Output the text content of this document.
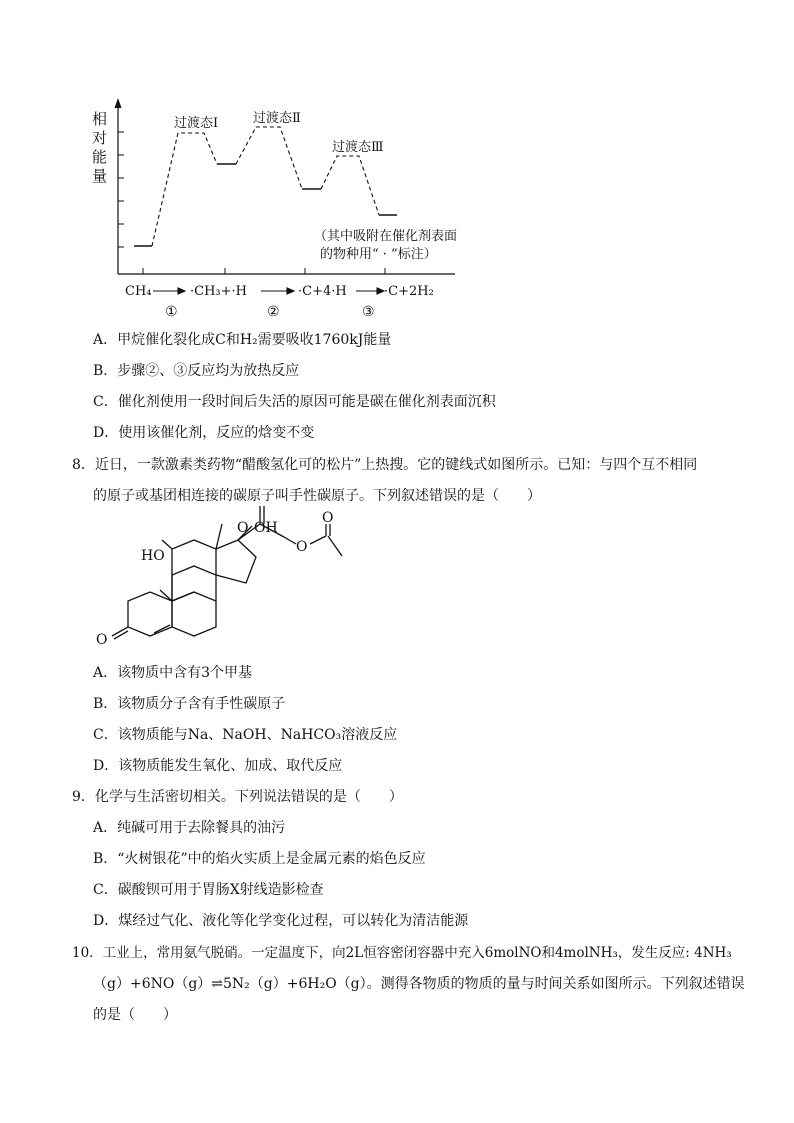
相
对
能
量
过渡态Ⅰ	过渡态Ⅱ
过渡态Ⅲ
（其中吸附在催化剂表面
的物种用“ · ”标注）
CH₄	·CH₃+·H	·C+4·H	·C+2H₂
①	②	③
A．甲烷催化裂化成C和H₂需要吸收1760kJ能量
B．步骤②、③反应均为放热反应
C．催化剂使用一段时间后失活的原因可能是碳在催化剂表面沉积
D．使用该催化剂，反应的焓变不变
8．近日，一款激素类药物“醋酸氢化可的松片”上热搜。它的键线式如图所示。已知：与四个互不相同
的原子或基团相连接的碳原子叫手性碳原子。下列叙述错误的是（　　）
HO
OH
O
O
O
O
A．该物质中含有3个甲基
B．该物质分子含有手性碳原子
C．该物质能与Na、NaOH、NaHCO₃溶液反应
D．该物质能发生氧化、加成、取代反应
9．化学与生活密切相关。下列说法错误的是（　　）
A．纯碱可用于去除餐具的油污
B．“火树银花”中的焰火实质上是金属元素的焰色反应
C．碳酸钡可用于胃肠X射线造影检查
D．煤经过气化、液化等化学变化过程，可以转化为清洁能源
10．工业上，常用氨气脱硝。一定温度下，向2L恒容密闭容器中充入6molNO和4molNH₃，发生反应: 4NH₃
（g）+6NO（g）⇌5N₂（g）+6H₂O（g）。测得各物质的物质的量与时间关系如图所示。下列叙述错误
的是（　　）
